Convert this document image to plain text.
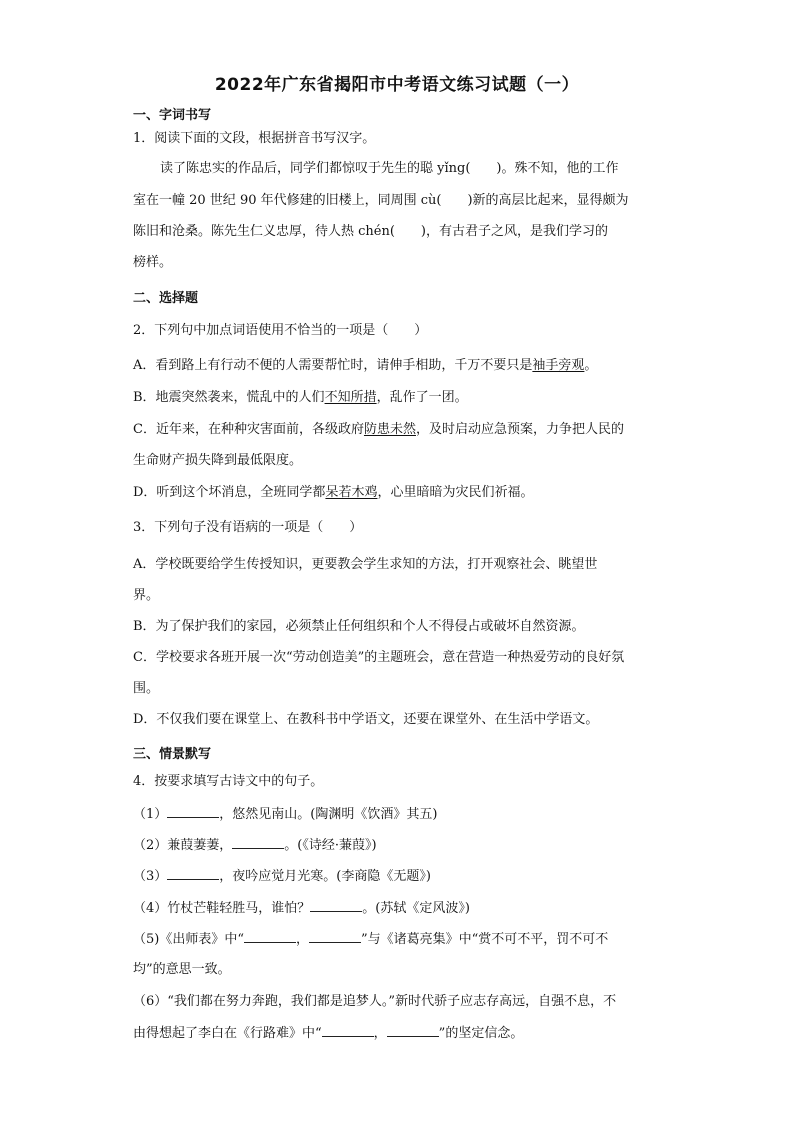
2022年广东省揭阳市中考语文练习试题（一）
一、字词书写
1．阅读下面的文段，根据拼音书写汉字。
读了陈忠实的作品后，同学们都惊叹于先生的聪 yǐng(　　)。殊不知，他的工作
室在一幢 20 世纪 90 年代修建的旧楼上，同周围 cù(　　)新的高层比起来，显得颇为
陈旧和沧桑。陈先生仁义忠厚，待人热 chén(　　)，有古君子之风，是我们学习的
榜样。
二、选择题
2．下列句中加点词语使用不恰当的一项是（　　）
A．看到路上有行动不便的人需要帮忙时，请伸手相助，千万不要只是袖手旁观。
B．地震突然袭来，慌乱中的人们不知所措，乱作了一团。
C．近年来，在种种灾害面前，各级政府防患未然，及时启动应急预案，力争把人民的
生命财产损失降到最低限度。
D．听到这个坏消息，全班同学都呆若木鸡，心里暗暗为灾民们祈福。
3．下列句子没有语病的一项是（　　）
A．学校既要给学生传授知识，更要教会学生求知的方法，打开观察社会、眺望世
界。
B．为了保护我们的家园，必须禁止任何组织和个人不得侵占或破坏自然资源。
C．学校要求各班开展一次“劳动创造美”的主题班会，意在营造一种热爱劳动的良好氛
围。
D．不仅我们要在课堂上、在教科书中学语文，还要在课堂外、在生活中学语文。
三、情景默写
4．按要求填写古诗文中的句子。
（1）	，悠然见南山。(陶渊明《饮酒》其五)
（2）兼葭萋萋，	。(《诗经·蒹葭》)
（3）	，夜吟应觉月光寒。(李商隐《无题》)
（4）竹杖芒鞋轻胜马，谁怕？	。(苏轼《定风波》)
（5)《出师表》中“	，	”与《诸葛亮集》中“赏不可不平，罚不可不
均”的意思一致。
（6）“我们都在努力奔跑，我们都是追梦人。”新时代骄子应志存高远，自强不息，不
由得想起了李白在《行路难》中“	，	”的坚定信念。
